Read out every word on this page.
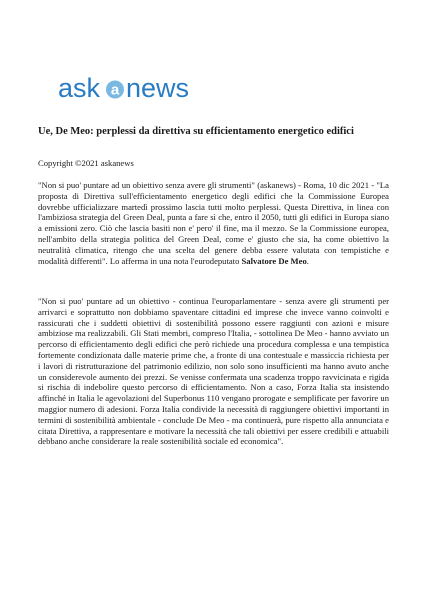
ask a news
Ue, De Meo: perplessi da direttiva su efficientamento energetico edifici
Copyright ©2021 askanews

"Non si puo' puntare ad un obiettivo senza avere gli strumenti" (askanews) - Roma, 10 dic 2021 - "La proposta di Direttiva sull'efficientamento energetico degli edifici che la Commissione Europea dovrebbe ufficializzare martedì prossimo lascia tutti molto perplessi. Questa Direttiva, in linea con l'ambiziosa strategia del Green Deal, punta a fare sì che, entro il 2050, tutti gli edifici in Europa siano a emissioni zero. Ciò che lascia basiti non e' pero' il fine, ma il mezzo. Se la Commissione europea, nell'ambito della strategia politica del Green Deal, come e' giusto che sia, ha come obiettivo la neutralità climatica, ritengo che una scelta del genere debba essere valutata con tempistiche e modalità differenti". Lo afferma in una nota l'eurodeputato Salvatore De Meo.

"Non si puo' puntare ad un obiettivo - continua l'europarlamentare - senza avere gli strumenti per arrivarci e soprattutto non dobbiamo spaventare cittadini ed imprese che invece vanno coinvolti e rassicurati che i suddetti obiettivi di sostenibilità possono essere raggiunti con azioni e misure ambiziose ma realizzabili. Gli Stati membri, compreso l'Italia, - sottolinea De Meo - hanno avviato un percorso di efficientamento degli edifici che però richiede una procedura complessa e una tempistica fortemente condizionata dalle materie prime che, a fronte di una contestuale e massiccia richiesta per i lavori di ristrutturazione del patrimonio edilizio, non solo sono insufficienti ma hanno avuto anche un considerevole aumento dei prezzi. Se venisse confermata una scadenza troppo ravvicinata e rigida si rischia di indebolire questo percorso di efficientamento. Non a caso, Forza Italia sta insistendo affinché in Italia le agevolazioni del Superbonus 110 vengano prorogate e semplificate per favorire un maggior numero di adesioni. Forza Italia condivide la necessità di raggiungere obiettivi importanti in termini di sostenibilità ambientale - conclude De Meo - ma continuerà, pure rispetto alla annunciata e citata Direttiva, a rappresentare e motivare la necessità che tali obiettivi per essere credibili e attuabili debbano anche considerare la reale sostenibilità sociale ed economica".
